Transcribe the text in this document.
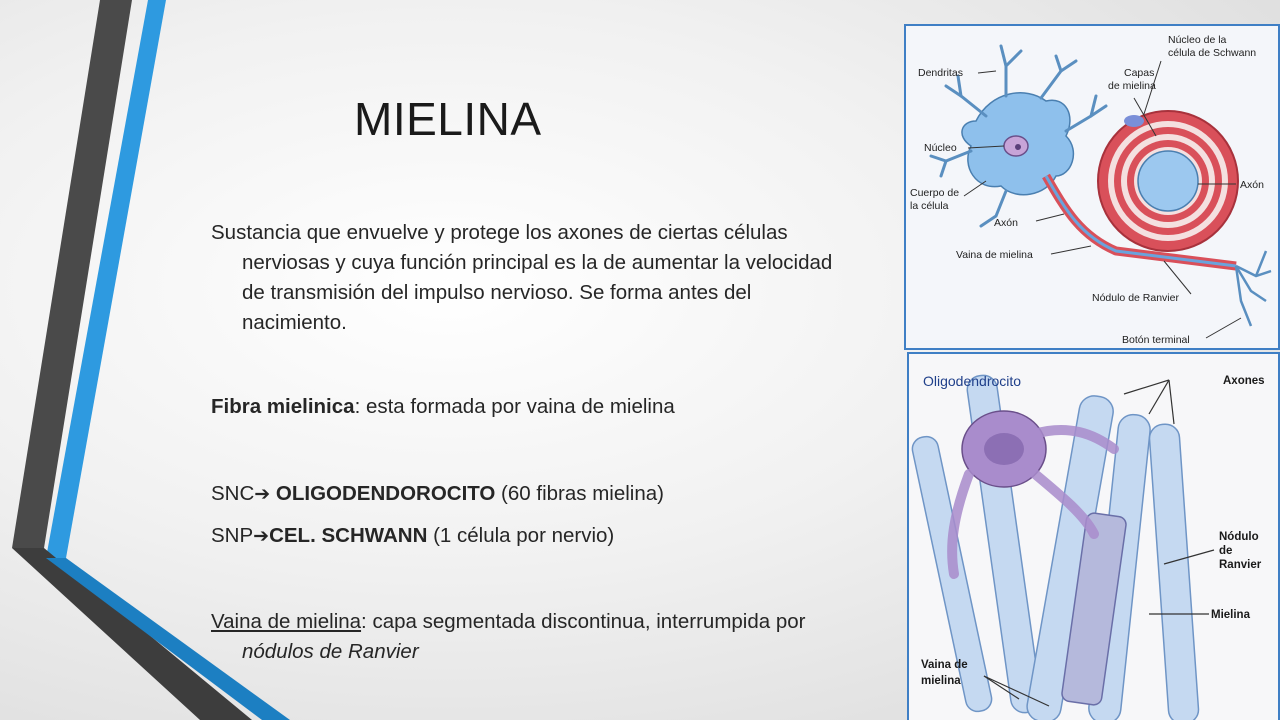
MIELINA

Sustancia que envuelve y protege los axones de ciertas células nerviosas y cuya función principal es la de aumentar la velocidad de transmisión del impulso nervioso. Se forma antes del nacimiento.

Fibra mielinica: esta formada por vaina de mielina

SNC➔ OLIGODENDOROCITO (60 fibras mielina)

SNP➔CEL. SCHWANN (1 célula por nervio)

Vaina de mielina: capa segmentada discontinua, interrumpida por nódulos de Ranvier

Dendritas
Núcleo
Cuerpo de
la célula
Axón
Vaina de mielina
Núcleo de la
célula de Schwann
Capas
de mielina
Axón
Nódulo de Ranvier
Botón terminal
Oligodendrocito	Axones
Nódulo
de
Ranvier
Mielina
Vaina de
mielina
